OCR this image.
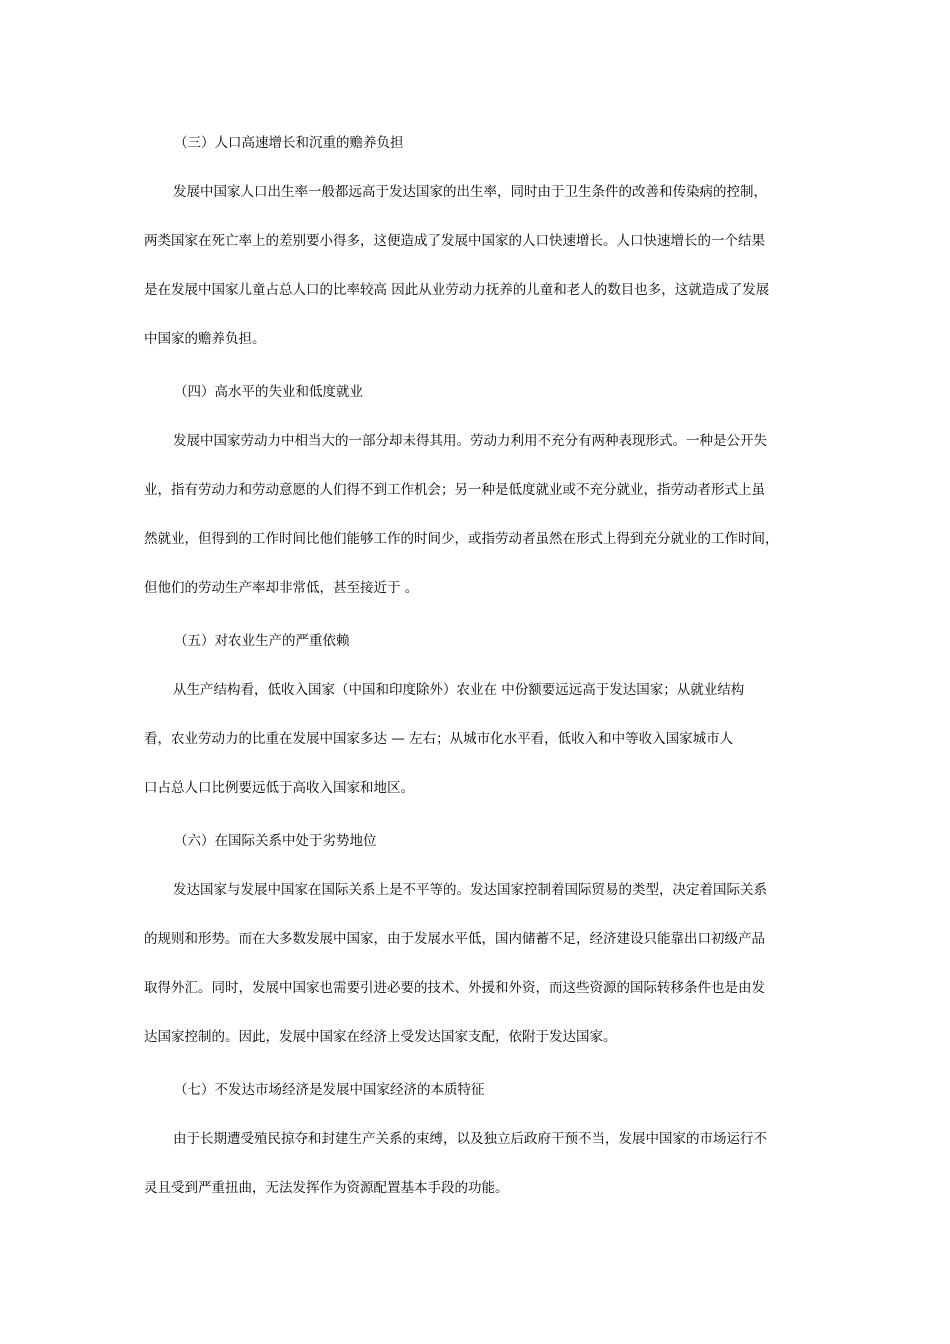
（三）人口高速增长和沉重的赡养负担
发展中国家人口出生率一般都远高于发达国家的出生率，同时由于卫生条件的改善和传染病的控制，
两类国家在死亡率上的差别要小得多，这便造成了发展中国家的人口快速增长。人口快速增长的一个结果
是在发展中国家儿童占总人口的比率较高 因此从业劳动力抚养的儿童和老人的数目也多，这就造成了发展
中国家的赡养负担。
（四）高水平的失业和低度就业
发展中国家劳动力中相当大的一部分却未得其用。劳动力利用不充分有两种表现形式。一种是公开失
业，指有劳动力和劳动意愿的人们得不到工作机会；另一种是低度就业或不充分就业，指劳动者形式上虽
然就业，但得到的工作时间比他们能够工作的时间少，或指劳动者虽然在形式上得到充分就业的工作时间，
但他们的劳动生产率却非常低，甚至接近于 。
（五）对农业生产的严重依赖
从生产结构看，低收入国家（中国和印度除外）农业在 中份额要远远高于发达国家；从就业结构
看，农业劳动力的比重在发展中国家多达 — 左右；从城市化水平看，低收入和中等收入国家城市人
口占总人口比例要远低于高收入国家和地区。
（六）在国际关系中处于劣势地位
发达国家与发展中国家在国际关系上是不平等的。发达国家控制着国际贸易的类型，决定着国际关系
的规则和形势。而在大多数发展中国家，由于发展水平低，国内储蓄不足，经济建设只能靠出口初级产品
取得外汇。同时，发展中国家也需要引进必要的技术、外援和外资，而这些资源的国际转移条件也是由发
达国家控制的。因此，发展中国家在经济上受发达国家支配，依附于发达国家。
（七）不发达市场经济是发展中国家经济的本质特征
由于长期遭受殖民掠夺和封建生产关系的束缚，以及独立后政府干预不当，发展中国家的市场运行不
灵且受到严重扭曲，无法发挥作为资源配置基本手段的功能。
